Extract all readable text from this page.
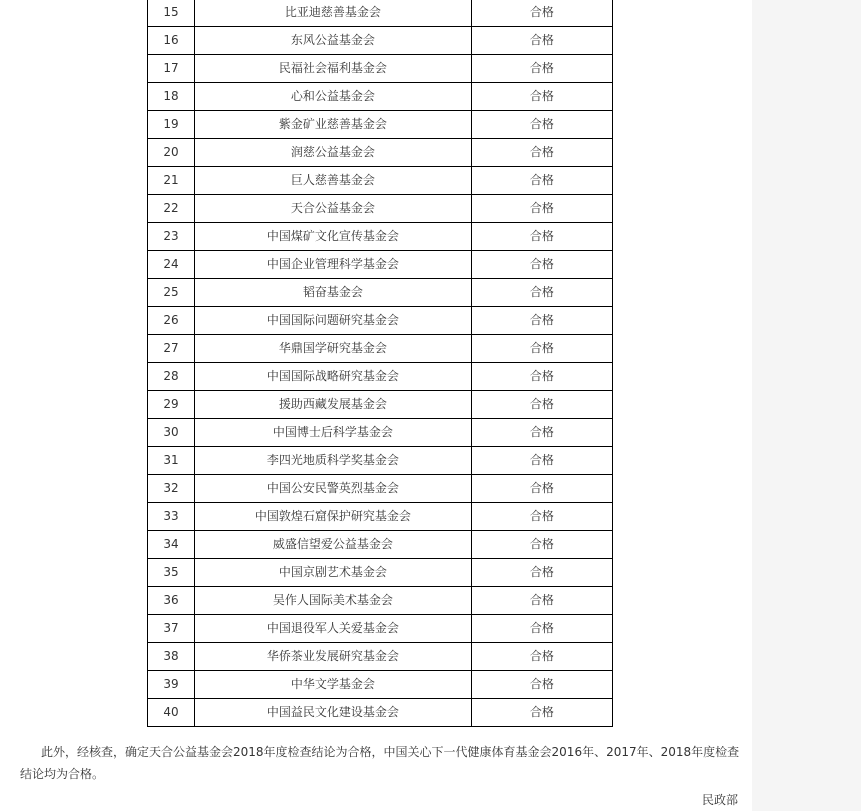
15	比亚迪慈善基金会	合格
16	东风公益基金会	合格
17	民福社会福利基金会	合格
18	心和公益基金会	合格
19	紫金矿业慈善基金会	合格
20	润慈公益基金会	合格
21	巨人慈善基金会	合格
22	天合公益基金会	合格
23	中国煤矿文化宣传基金会	合格
24	中国企业管理科学基金会	合格
25	韬奋基金会	合格
26	中国国际问题研究基金会	合格
27	华鼎国学研究基金会	合格
28	中国国际战略研究基金会	合格
29	援助西藏发展基金会	合格
30	中国博士后科学基金会	合格
31	李四光地质科学奖基金会	合格
32	中国公安民警英烈基金会	合格
33	中国敦煌石窟保护研究基金会	合格
34	威盛信望爱公益基金会	合格
35	中国京剧艺术基金会	合格
36	吴作人国际美术基金会	合格
37	中国退役军人关爱基金会	合格
38	华侨茶业发展研究基金会	合格
39	中华文学基金会	合格
40	中国益民文化建设基金会	合格

此外，经核查，确定天合公益基金会2018年度检查结论为合格，中国关心下一代健康体育基金会2016年、2017年、2018年度检查结论均为合格。

民政部
